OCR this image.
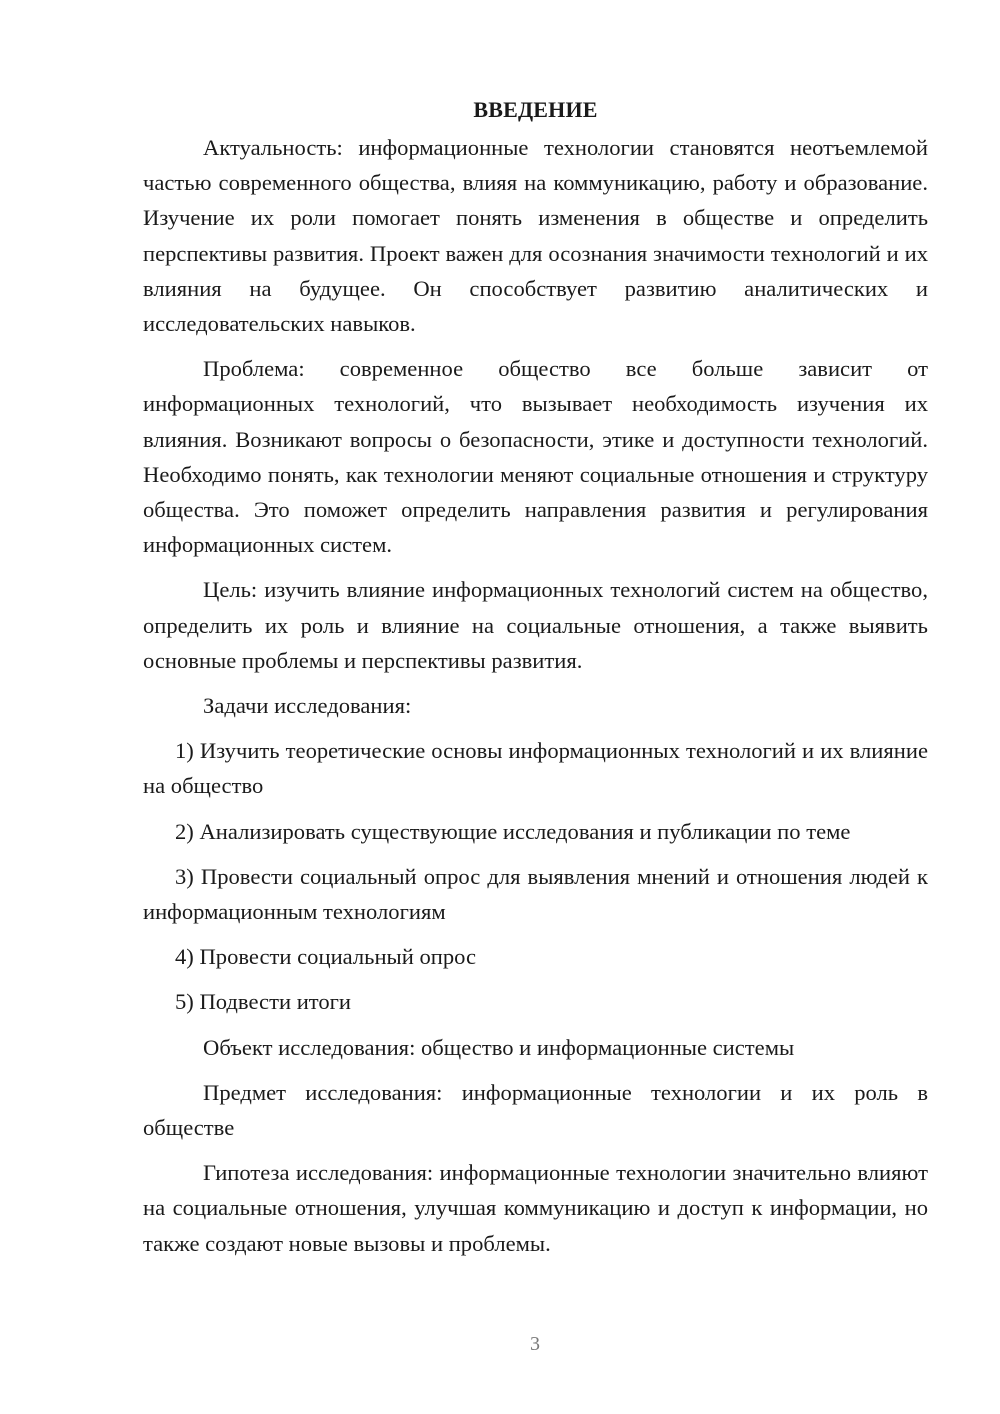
ВВЕДЕНИЕ

Актуальность: информационные технологии становятся неотъемлемой частью современного общества, влияя на коммуникацию, работу и образование. Изучение их роли помогает понять изменения в обществе и определить перспективы развития. Проект важен для осознания значимости технологий и их влияния на будущее. Он способствует развитию аналитических и исследовательских навыков.

Проблема: современное общество все больше зависит от информационных технологий, что вызывает необходимость изучения их влияния. Возникают вопросы о безопасности, этике и доступности технологий. Необходимо понять, как технологии меняют социальные отношения и структуру общества. Это поможет определить направления развития и регулирования информационных систем.

Цель: изучить влияние информационных технологий систем на общество, определить их роль и влияние на социальные отношения, а также выявить основные проблемы и перспективы развития.

Задачи исследования:

1) Изучить теоретические основы информационных технологий и их влияние на общество

2) Анализировать существующие исследования и публикации по теме

3) Провести социальный опрос для выявления мнений и отношения людей к информационным технологиям

4) Провести социальный опрос

5) Подвести итоги

Объект исследования: общество и информационные системы

Предмет исследования: информационные технологии и их роль в обществе

Гипотеза исследования: информационные технологии значительно влияют на социальные отношения, улучшая коммуникацию и доступ к информации, но также создают новые вызовы и проблемы.

3
